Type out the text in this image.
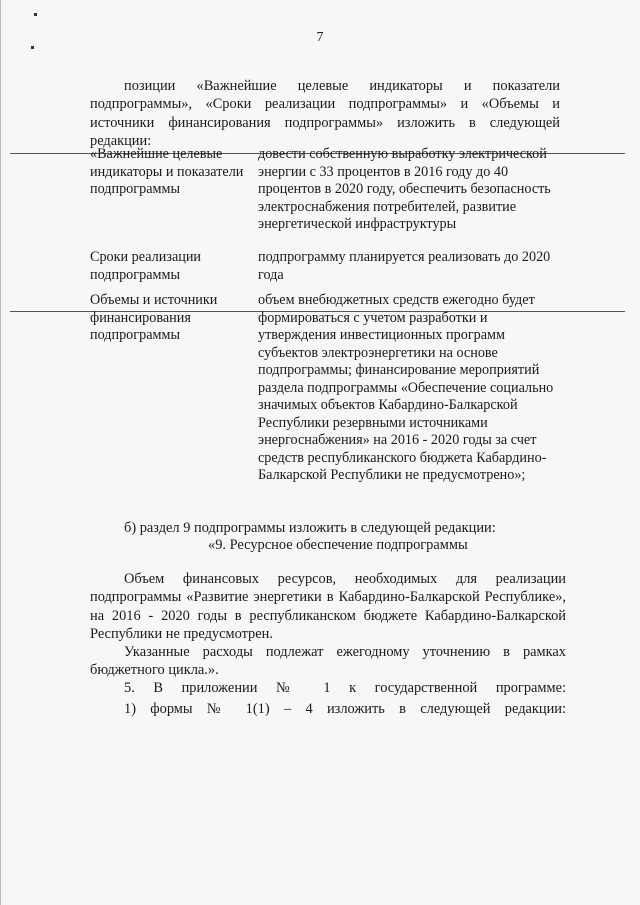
7
позиции «Важнейшие целевые индикаторы и показатели подпрограммы», «Сроки реализации подпрограммы» и «Объемы и источники финансирования подпрограммы» изложить в следующей редакции:
«Важнейшие целевые индикаторы и показатели подпрограммы
довести собственную выработку электрической энергии с 33 процентов в 2016 году до 40 процентов в 2020 году, обеспечить безопасность электроснабжения потребителей, развитие энергетической инфраструктуры
Сроки реализации подпрограммы
подпрограмму планируется реализовать до 2020 года
Объемы и источники финансирования подпрограммы
объем внебюджетных средств ежегодно будет формироваться с учетом разработки и утверждения инвестиционных программ субъектов электроэнергетики на основе подпрограммы; финансирование мероприятий раздела подпрограммы «Обеспечение социально значимых объектов Кабардино-Балкарской Республики резервными источниками энергоснабжения» на 2016 - 2020 годы за счет средств республиканского бюджета Кабардино-Балкарской Республики не предусмотрено»;
б) раздел 9 подпрограммы изложить в следующей редакции:
«9. Ресурсное обеспечение подпрограммы
Объем финансовых ресурсов, необходимых для реализации подпрограммы «Развитие энергетики в Кабардино-Балкарской Республике», на 2016 - 2020 годы в республиканском бюджете Кабардино-Балкарской Республики не предусмотрен.
Указанные расходы подлежат ежегодному уточнению в рамках бюджетного цикла.».
5. В приложении № 1 к государственной программе:
1) формы № 1(1) – 4 изложить в следующей редакции:
